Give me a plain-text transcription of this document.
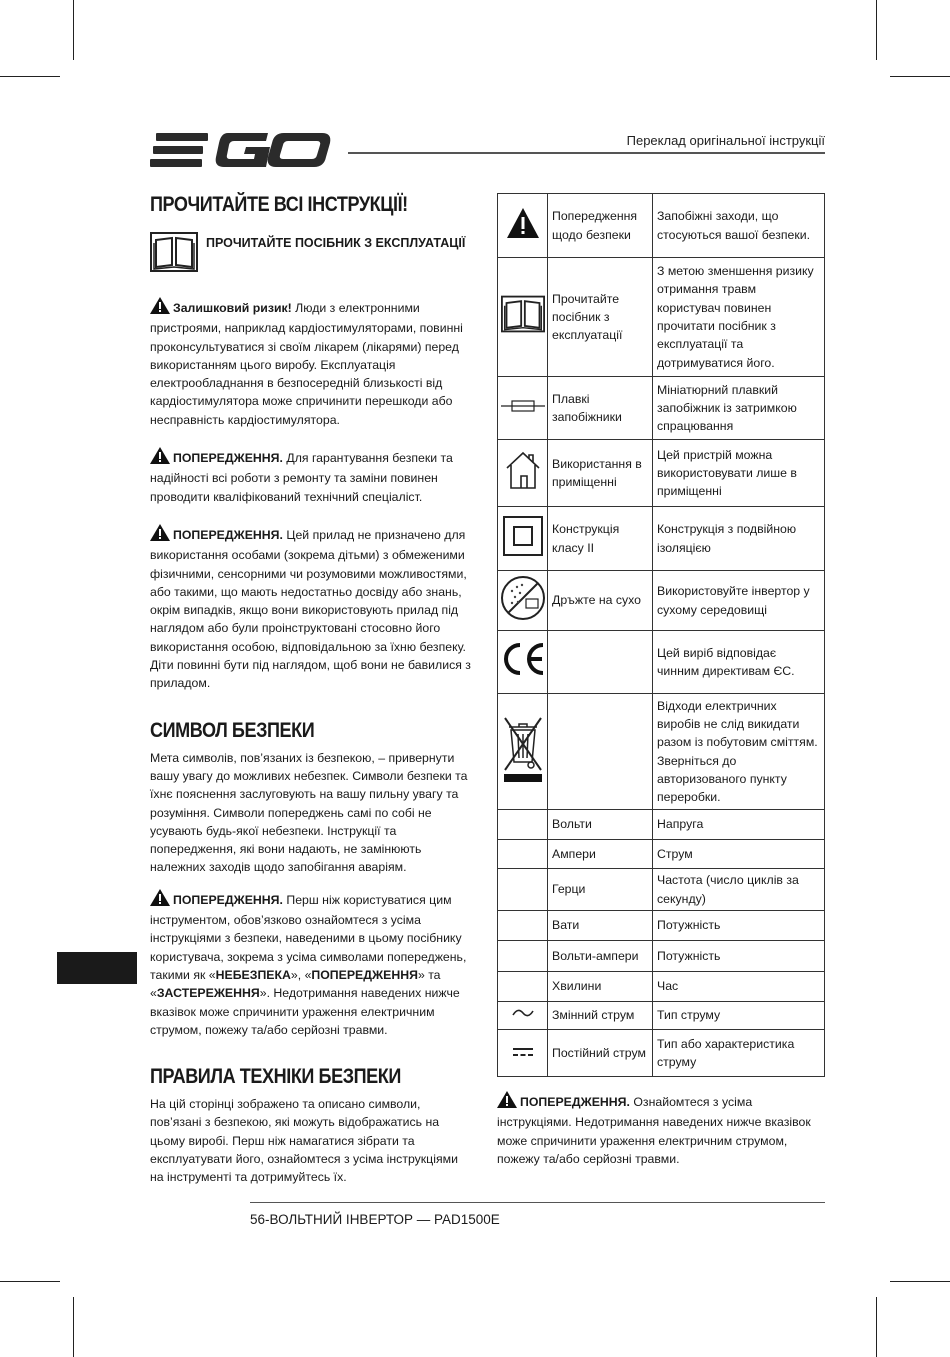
Переклад оригінальної інструкції
ПРОЧИТАЙТЕ ВСІ ІНСТРУКЦІЇ!
ПРОЧИТАЙТЕ ПОСІБНИК З ЕКСПЛУАТАЦІЇ

Залишковий ризик! Люди з електронними пристроями, наприклад кардіостимуляторами, повинні проконсультуватися зі своїм лікарем (лікарями) перед використанням цього виробу. Експлуатація електрообладнання в безпосередній близькості від кардіостимулятора може спричинити перешкоди або несправність кардіостимулятора.

ПОПЕРЕДЖЕННЯ. Для гарантування безпеки та надійності всі роботи з ремонту та заміни повинен проводити кваліфікований технічний спеціаліст.

ПОПЕРЕДЖЕННЯ. Цей прилад не призначено для використання особами (зокрема дітьми) з обмеженими фізичними, сенсорними чи розумовими можливостями, або такими, що мають недостатньо досвіду або знань, окрім випадків, якщо вони використовують прилад під наглядом або були проінструктовані стосовно його використання особою, відповідальною за їхню безпеку. Діти повинні бути під наглядом, щоб вони не бавилися з приладом.

СИМВОЛ БЕЗПЕКИ

Мета символів, пов’язаних із безпекою, – привернути вашу увагу до можливих небезпек. Символи безпеки та їхнє пояснення заслуговують на вашу пильну увагу та розуміння. Символи попереджень самі по собі не усувають будь-якої небезпеки. Інструкції та попередження, які вони надають, не замінюють належних заходів щодо запобігання аваріям.

ПОПЕРЕДЖЕННЯ. Перш ніж користуватися цим інструментом, обов’язково ознайомтеся з усіма інструкціями з безпеки, наведеними в цьому посібнику користувача, зокрема з усіма символами попереджень, такими як «НЕБЕЗПЕКА», «ПОПЕРЕДЖЕННЯ» та «ЗАСТЕРЕЖЕННЯ». Недотримання наведених нижче вказівок може спричинити ураження електричним струмом, пожежу та/або серйозні травми.

ПРАВИЛА ТЕХНІКИ БЕЗПЕКИ

На цій сторінці зображено та описано символи, пов’язані з безпекою, які можуть відображатись на цьому виробі. Перш ніж намагатися зібрати та експлуатувати його, ознайомтеся з усіма інструкціями на інструменті та дотримуйтесь їх.

	Попередження щодо безпеки	Запобіжні заходи, що стосуються вашої безпеки.
	Прочитайте посібник з експлуатації	З метою зменшення ризику отримання травм користувач повинен прочитати посібник з експлуатації та дотримуватися його.
	Плавкі запобіжники	Мініатюрний плавкий запобіжник із затримкою спрацювання
	Використання в приміщенні	Цей пристрій можна використовувати лише в приміщенні
	Конструкція класу II	Конструкція з подвійною ізоляцією
	Дръжте на сухо	Використовуйте інвертор у сухому середовищі
		Цей виріб відповідає чинним директивам ЄС.
		Відходи електричних виробів не слід викидати разом із побутовим сміттям. Зверніться до авторизованого пункту переробки.
	Вольти	Напруга
	Ампери	Струм
	Герци	Частота (число циклів за секунду)
	Вати	Потужність
	Вольти-ампери	Потужність
	Хвилини	Час
	Змінний струм	Тип струму
	Постійний струм	Тип або характеристика струму

ПОПЕРЕДЖЕННЯ. Ознайомтеся з усіма інструкціями. Недотримання наведених нижче вказівок може спричинити ураження електричним струмом, пожежу та/або серйозні травми.

56-ВОЛЬТНИЙ ІНВЕРТОР — PAD1500E
